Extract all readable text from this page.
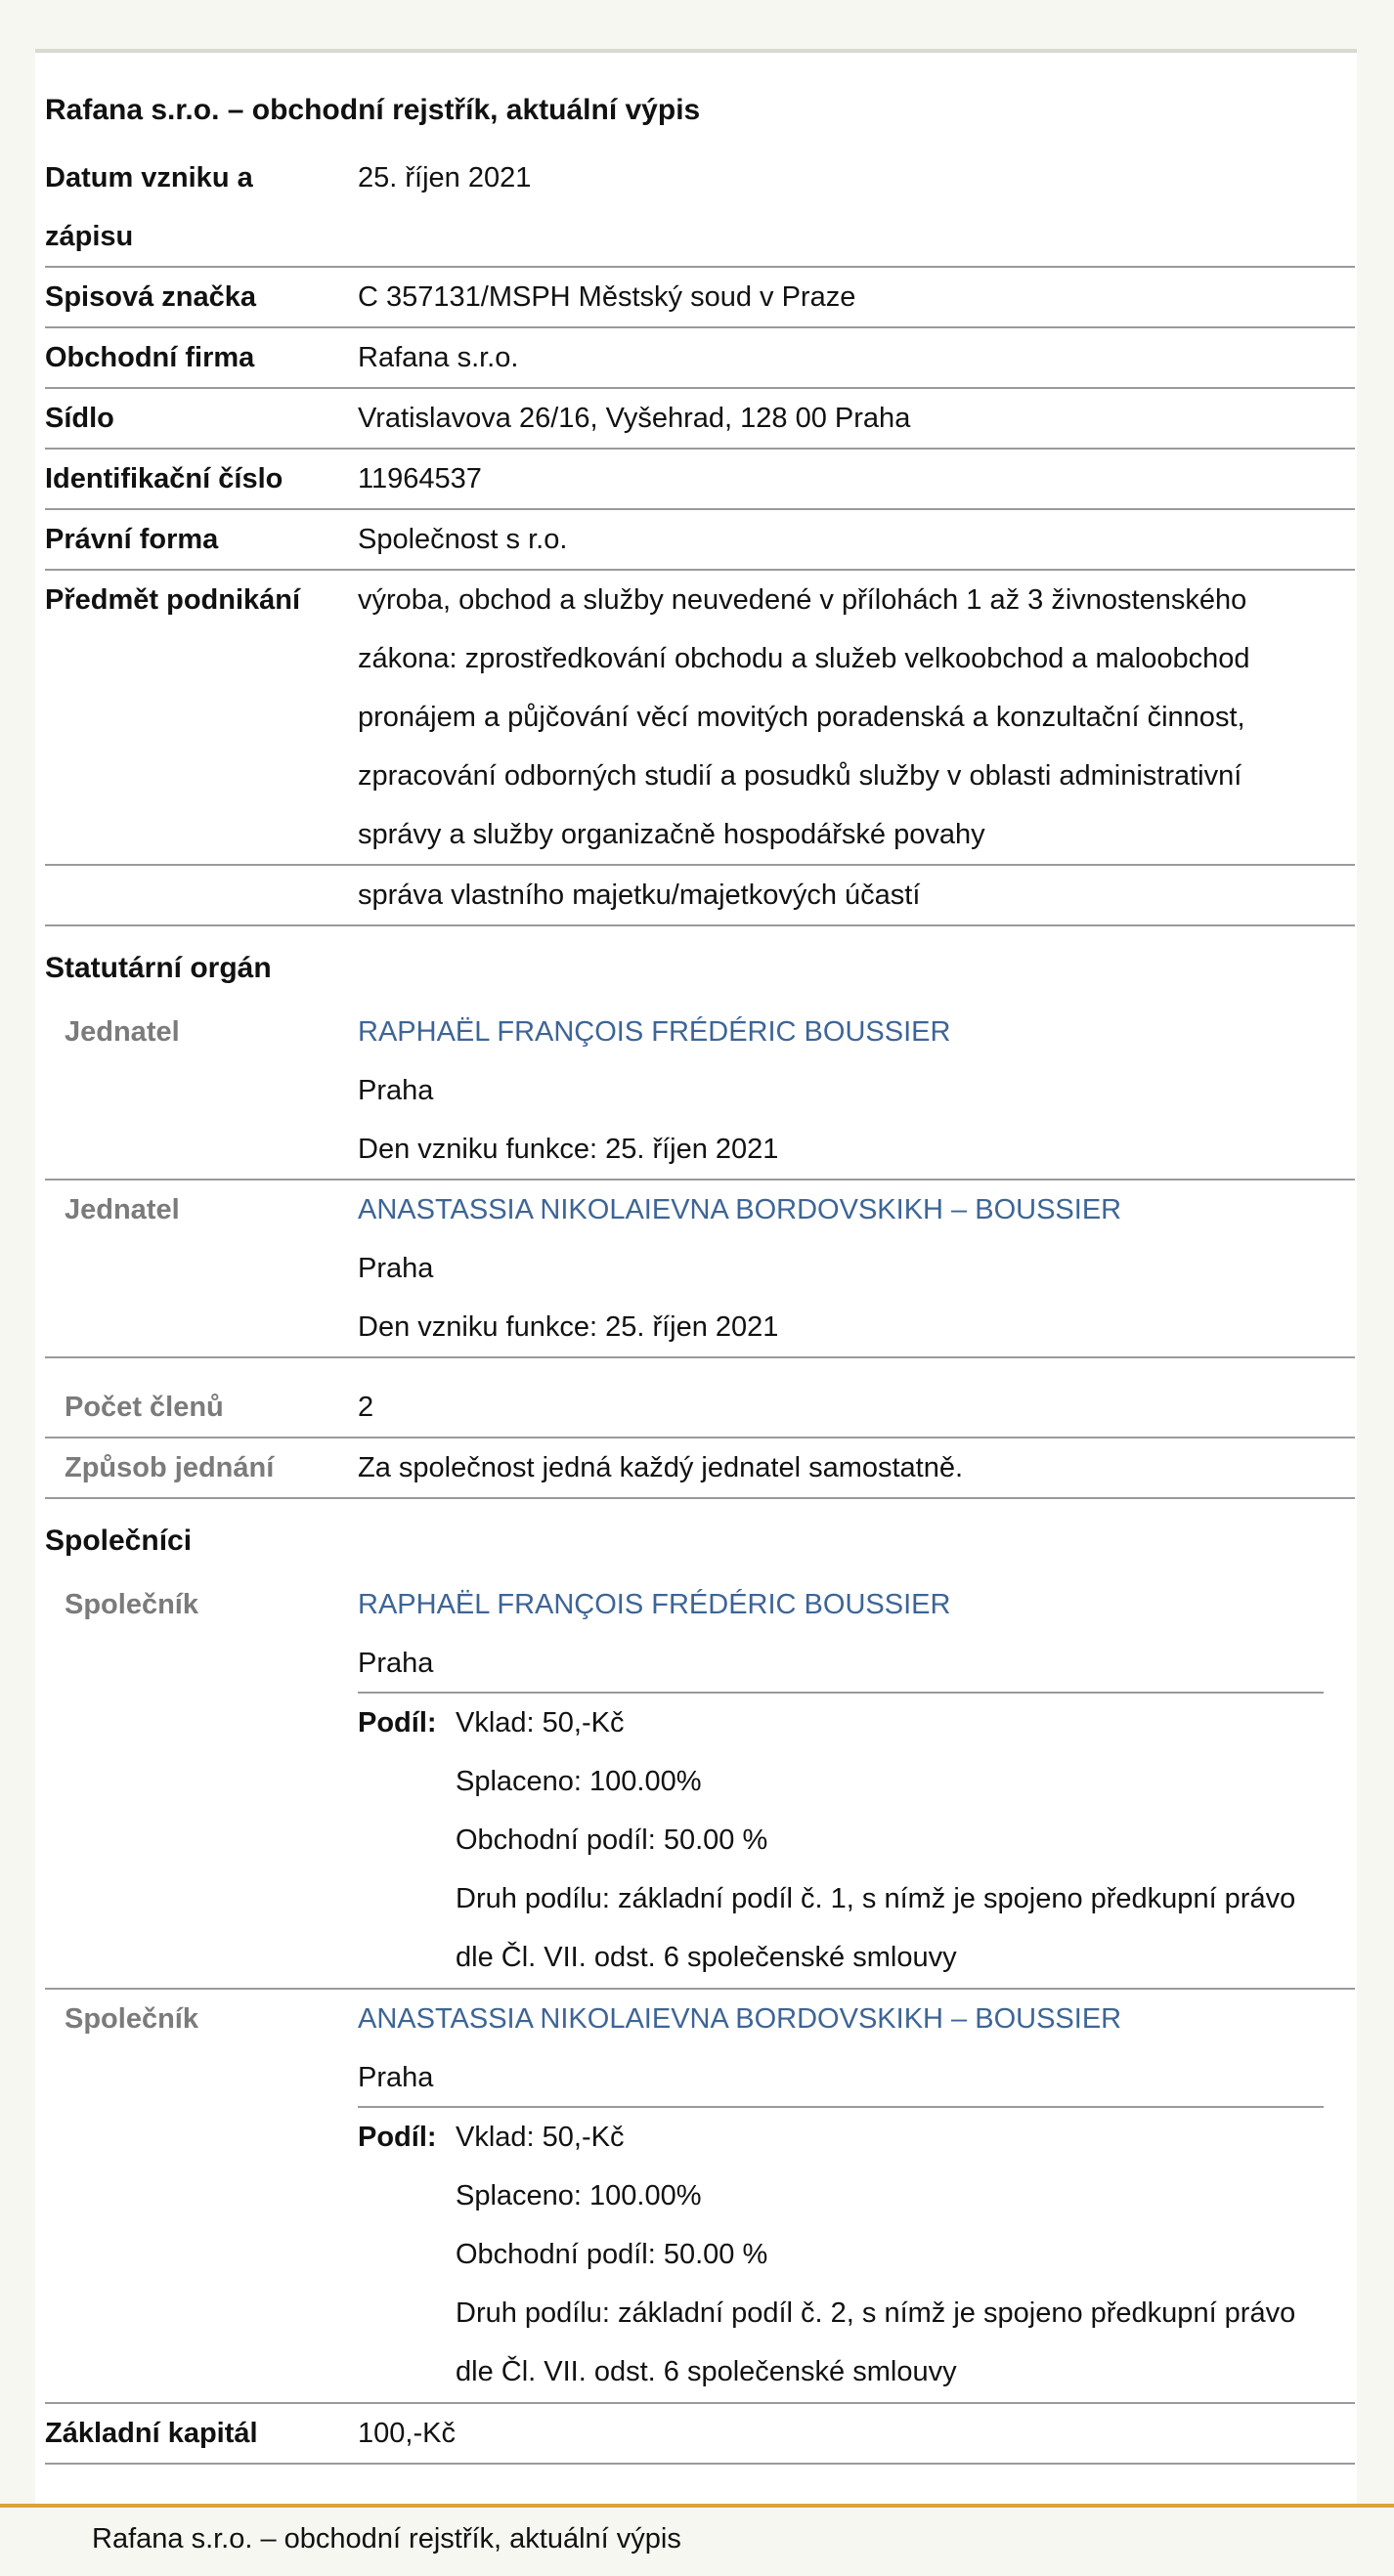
Rafana s.r.o. – obchodní rejstřík, aktuální výpis
Datum vzniku a
zápisu
25. říjen 2021
Spisová značka	C 357131/MSPH Městský soud v Praze
Obchodní firma	Rafana s.r.o.
Sídlo	Vratislavova 26/16, Vyšehrad, 128 00 Praha
Identifikační číslo	11964537
Právní forma	Společnost s r.o.
Předmět podnikání	výroba, obchod a služby neuvedené v přílohách 1 až 3 živnostenského
zákona: zprostředkování obchodu a služeb velkoobchod a maloobchod
pronájem a půjčování věcí movitých poradenská a konzultační činnost,
zpracování odborných studií a posudků služby v oblasti administrativní
správy a služby organizačně hospodářské povahy
správa vlastního majetku/majetkových účastí
Statutární orgán
Jednatel	RAPHAËL FRANÇOIS FRÉDÉRIC BOUSSIER
Praha
Den vzniku funkce: 25. říjen 2021
Jednatel	ANASTASSIA NIKOLAIEVNA BORDOVSKIKH – BOUSSIER
Praha
Den vzniku funkce: 25. říjen 2021
Počet členů	2
Způsob jednání	Za společnost jedná každý jednatel samostatně.
Společníci
Společník	RAPHAËL FRANÇOIS FRÉDÉRIC BOUSSIER
Praha
Podíl: Vklad: 50,-Kč
Splaceno: 100.00%
Obchodní podíl: 50.00 %
Druh podílu: základní podíl č. 1, s nímž je spojeno předkupní právo
dle Čl. VII. odst. 6 společenské smlouvy
Společník	ANASTASSIA NIKOLAIEVNA BORDOVSKIKH – BOUSSIER
Praha
Podíl: Vklad: 50,-Kč
Splaceno: 100.00%
Obchodní podíl: 50.00 %
Druh podílu: základní podíl č. 2, s nímž je spojeno předkupní právo
dle Čl. VII. odst. 6 společenské smlouvy
Základní kapitál	100,-Kč
Rafana s.r.o. – obchodní rejstřík, aktuální výpis
